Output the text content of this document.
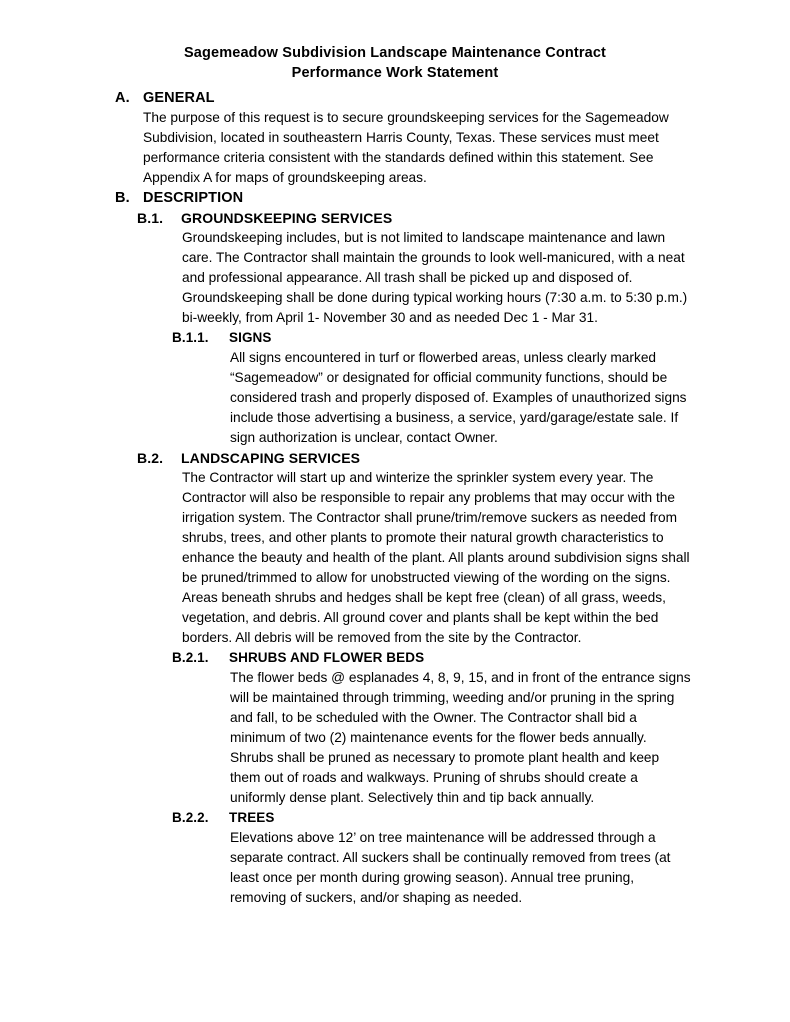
Sagemeadow Subdivision Landscape Maintenance Contract
Performance Work Statement
A. GENERAL

The purpose of this request is to secure groundskeeping services for the Sagemeadow Subdivision, located in southeastern Harris County, Texas. These services must meet performance criteria consistent with the standards defined within this statement. See Appendix A for maps of groundskeeping areas.

B. DESCRIPTION
B.1. GROUNDSKEEPING SERVICES

Groundskeeping includes, but is not limited to landscape maintenance and lawn care. The Contractor shall maintain the grounds to look well-manicured, with a neat and professional appearance. All trash shall be picked up and disposed of. Groundskeeping shall be done during typical working hours (7:30 a.m. to 5:30 p.m.) bi-weekly, from April 1- November 30 and as needed Dec 1 - Mar 31.

B.1.1. SIGNS

All signs encountered in turf or flowerbed areas, unless clearly marked “Sagemeadow” or designated for official community functions, should be considered trash and properly disposed of. Examples of unauthorized signs include those advertising a business, a service, yard/garage/estate sale. If sign authorization is unclear, contact Owner.

B.2. LANDSCAPING SERVICES

The Contractor will start up and winterize the sprinkler system every year. The Contractor will also be responsible to repair any problems that may occur with the irrigation system. The Contractor shall prune/trim/remove suckers as needed from shrubs, trees, and other plants to promote their natural growth characteristics to enhance the beauty and health of the plant. All plants around subdivision signs shall be pruned/trimmed to allow for unobstructed viewing of the wording on the signs. Areas beneath shrubs and hedges shall be kept free (clean) of all grass, weeds, vegetation, and debris. All ground cover and plants shall be kept within the bed borders. All debris will be removed from the site by the Contractor.

B.2.1. SHRUBS AND FLOWER BEDS

The flower beds @ esplanades 4, 8, 9, 15, and in front of the entrance signs will be maintained through trimming, weeding and/or pruning in the spring and fall, to be scheduled with the Owner. The Contractor shall bid a minimum of two (2) maintenance events for the flower beds annually. Shrubs shall be pruned as necessary to promote plant health and keep them out of roads and walkways. Pruning of shrubs should create a uniformly dense plant. Selectively thin and tip back annually.

B.2.2. TREES

Elevations above 12’ on tree maintenance will be addressed through a separate contract. All suckers shall be continually removed from trees (at least once per month during growing season). Annual tree pruning, removing of suckers, and/or shaping as needed.
